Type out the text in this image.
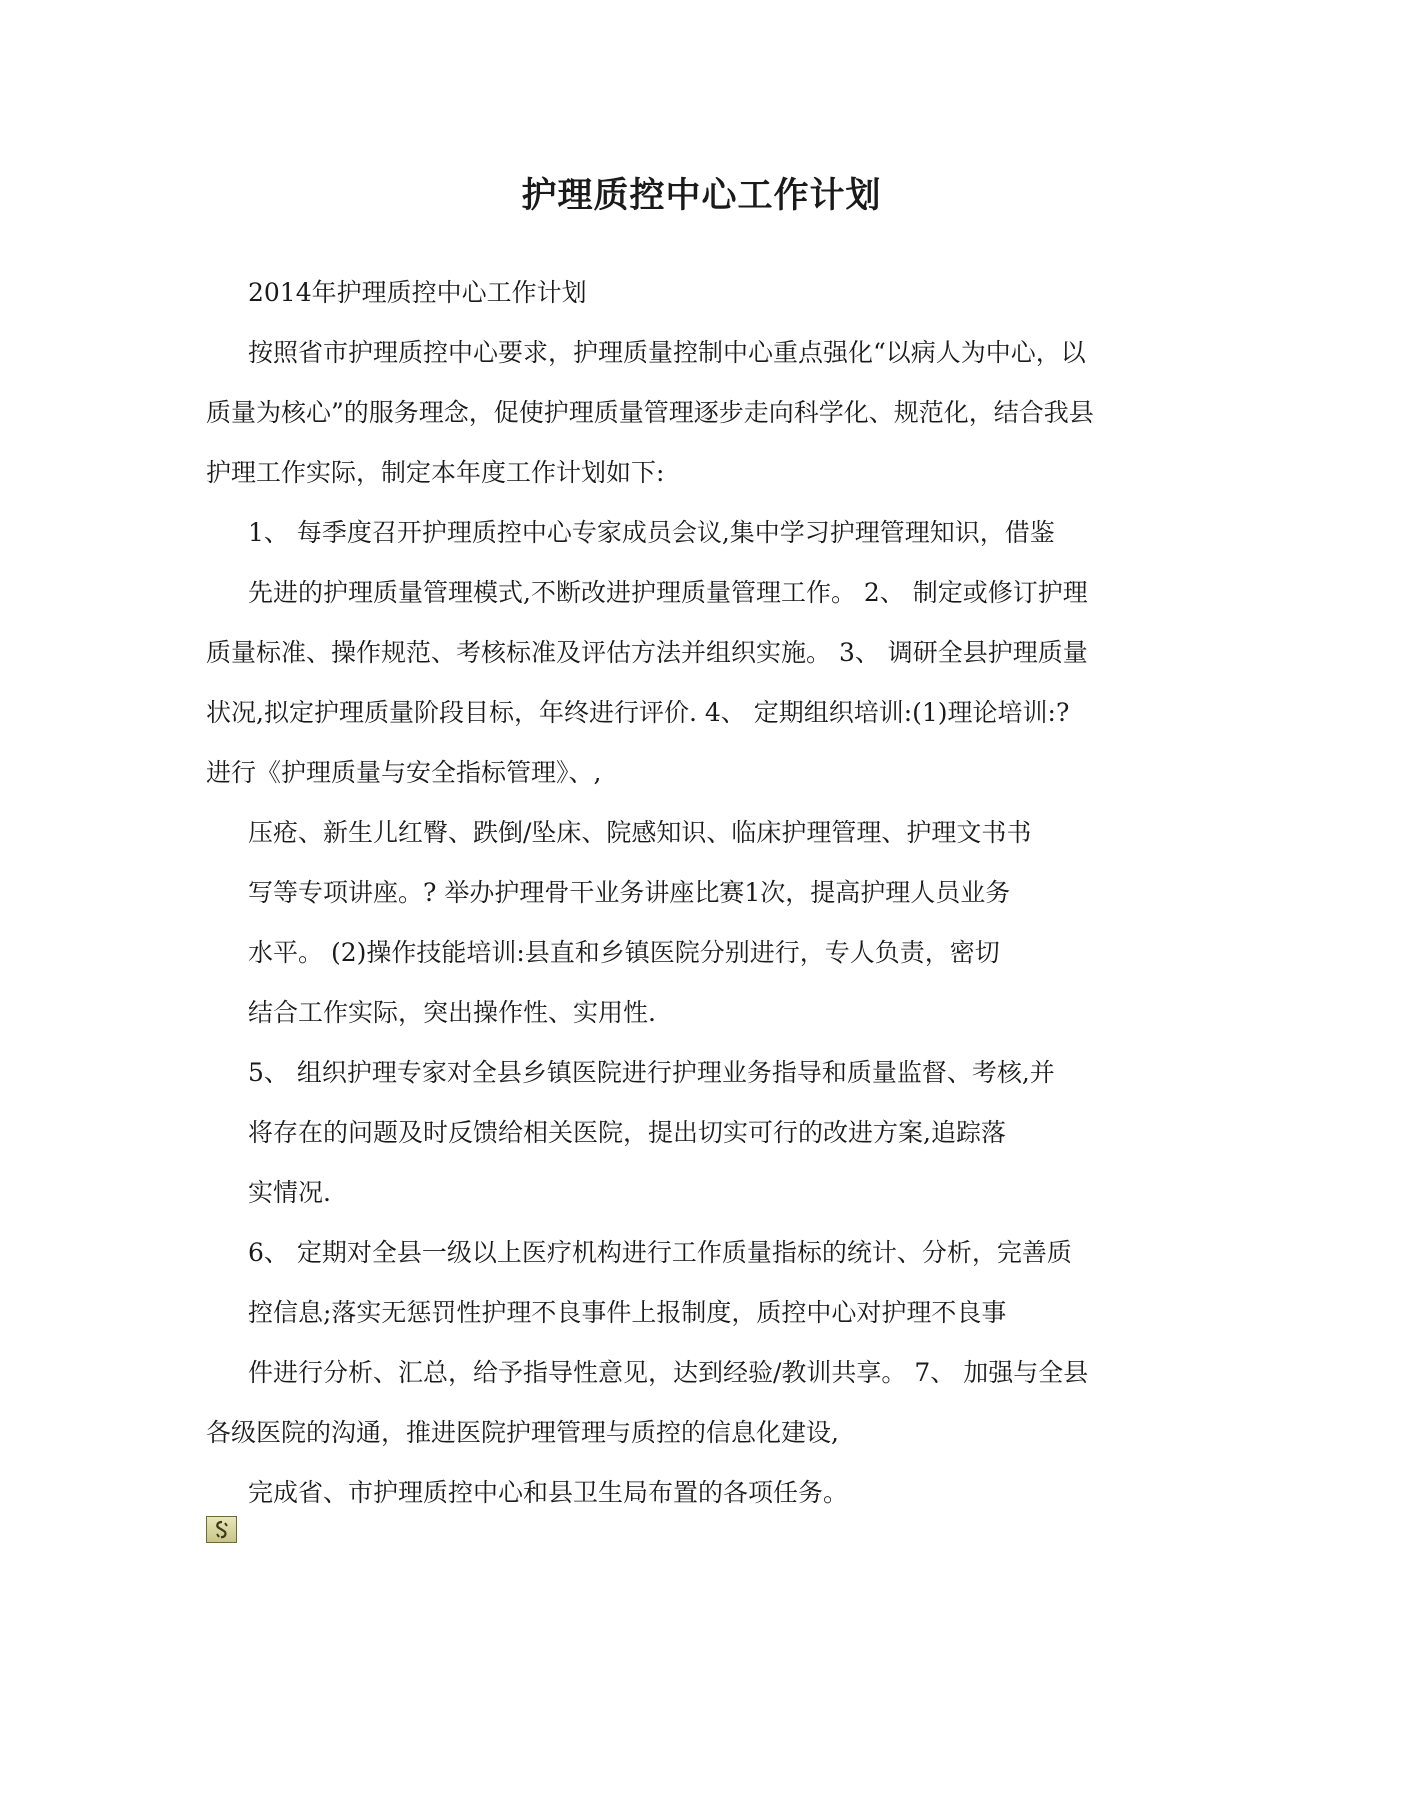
护理质控中心工作计划

2014年护理质控中心工作计划

按照省市护理质控中心要求，护理质量控制中心重点强化“以病人为中心，以

质量为核心”的服务理念，促使护理质量管理逐步走向科学化、规范化，结合我县

护理工作实际，制定本年度工作计划如下:

1、 每季度召开护理质控中心专家成员会议,集中学习护理管理知识，借鉴

先进的护理质量管理模式,不断改进护理质量管理工作。 2、 制定或修订护理

质量标准、操作规范、考核标准及评估方法并组织实施。 3、 调研全县护理质量

状况,拟定护理质量阶段目标，年终进行评价. 4、 定期组织培训:(1)理论培训:?

进行《护理质量与安全指标管理》、,

压疮、新生儿红臀、跌倒/坠床、院感知识、临床护理管理、护理文书书

写等专项讲座。? 举办护理骨干业务讲座比赛1次，提高护理人员业务

水平。 (2)操作技能培训:县直和乡镇医院分别进行，专人负责，密切

结合工作实际，突出操作性、实用性.

5、 组织护理专家对全县乡镇医院进行护理业务指导和质量监督、考核,并

将存在的问题及时反馈给相关医院，提出切实可行的改进方案,追踪落

实情况.

6、 定期对全县一级以上医疗机构进行工作质量指标的统计、分析，完善质

控信息;落实无惩罚性护理不良事件上报制度，质控中心对护理不良事

件进行分析、汇总，给予指导性意见，达到经验/教训共享。 7、 加强与全县

各级医院的沟通，推进医院护理管理与质控的信息化建设,

完成省、市护理质控中心和县卫生局布置的各项任务。
